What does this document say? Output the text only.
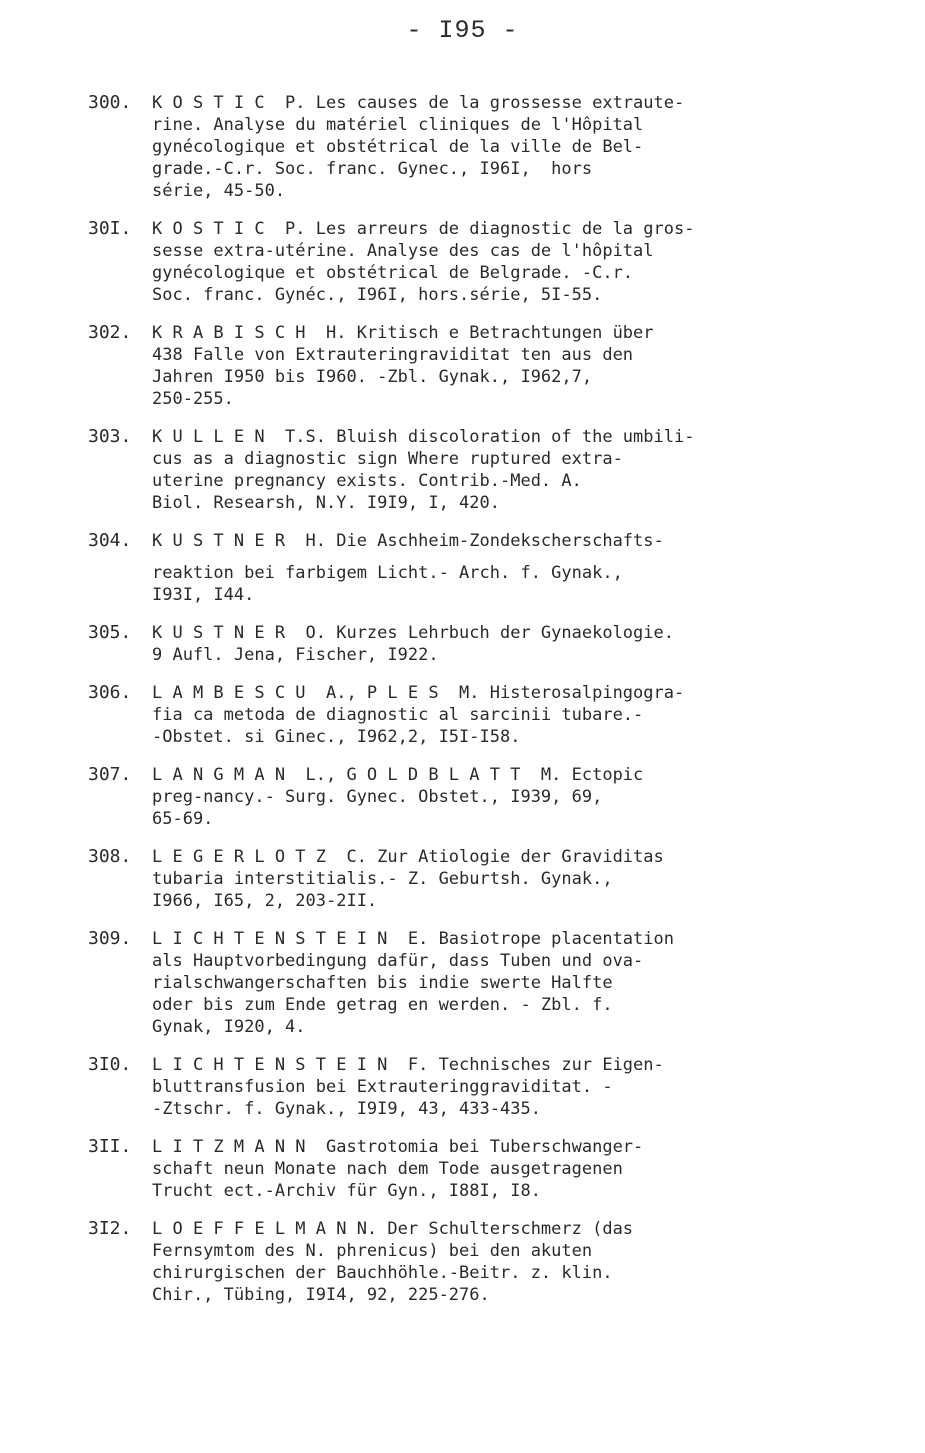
- I95 -
300.	K O S T I C  P. Les causes de la grossesse extraute-
rine. Analyse du matériel cliniques de l'Hôpital
gynécologique et obstétrical de la ville de Bel-
grade.-C.r. Soc. franc. Gynec., I96I,  hors
série, 45-50.
30I.	K O S T I C  P. Les arreurs de diagnostic de la gros-
sesse extra-utérine. Analyse des cas de l'hôpital
gynécologique et obstétrical de Belgrade. -C.r.
Soc. franc. Gynéc., I96I, hors.série, 5I-55.
302.	K R A B I S C H  H. Kritisch e Betrachtungen über
438 Falle von Extrauteringraviditat ten aus den
Jahren I950 bis I960. -Zbl. Gynak., I962,7,
250-255.
303.	K U L L E N  T.S. Bluish discoloration of the umbili-
cus as a diagnostic sign Where ruptured extra-
uterine pregnancy exists. Contrib.-Med. A.
Biol. Researsh, N.Y. I9I9, I, 420.
304.	K U S T N E R  H. Die Aschheim-Zondekscherschafts-
reaktion bei farbigem Licht.- Arch. f. Gynak.,
I93I, I44.
305.	K U S T N E R  O. Kurzes Lehrbuch der Gynaekologie.
9 Aufl. Jena, Fischer, I922.
306.	L A M B E S C U  A., P L E S  M. Histerosalpingogra-
fia ca metoda de diagnostic al sarcinii tubare.-
-Obstet. si Ginec., I962,2, I5I-I58.
307.	L A N G M A N  L., G O L D B L A T T  M. Ectopic
preg-nancy.- Surg. Gynec. Obstet., I939, 69,
65-69.
308.	L E G E R L O T Z  C. Zur Atiologie der Graviditas
tubaria interstitialis.- Z. Geburtsh. Gynak.,
I966, I65, 2, 203-2II.
309.	L I C H T E N S T E I N  E. Basiotrope placentation
als Hauptvorbedingung dafür, dass Tuben und ova-
rialschwangerschaften bis indie swerte Halfte
oder bis zum Ende getrag en werden. - Zbl. f.
Gynak, I920, 4.
3I0.	L I C H T E N S T E I N  F. Technisches zur Eigen-
bluttransfusion bei Extrauteringgraviditat. -
-Ztschr. f. Gynak., I9I9, 43, 433-435.
3II.	L I T Z M A N N  Gastrotomia bei Tuberschwanger-
schaft neun Monate nach dem Tode ausgetragenen
Trucht ect.-Archiv für Gyn., I88I, I8.
3I2.	L O E F F E L M A N N. Der Schulterschmerz (das
Fernsymtom des N. phrenicus) bei den akuten
chirurgischen der Bauchhöhle.-Beitr. z. klin.
Chir., Tübing, I9I4, 92, 225-276.
